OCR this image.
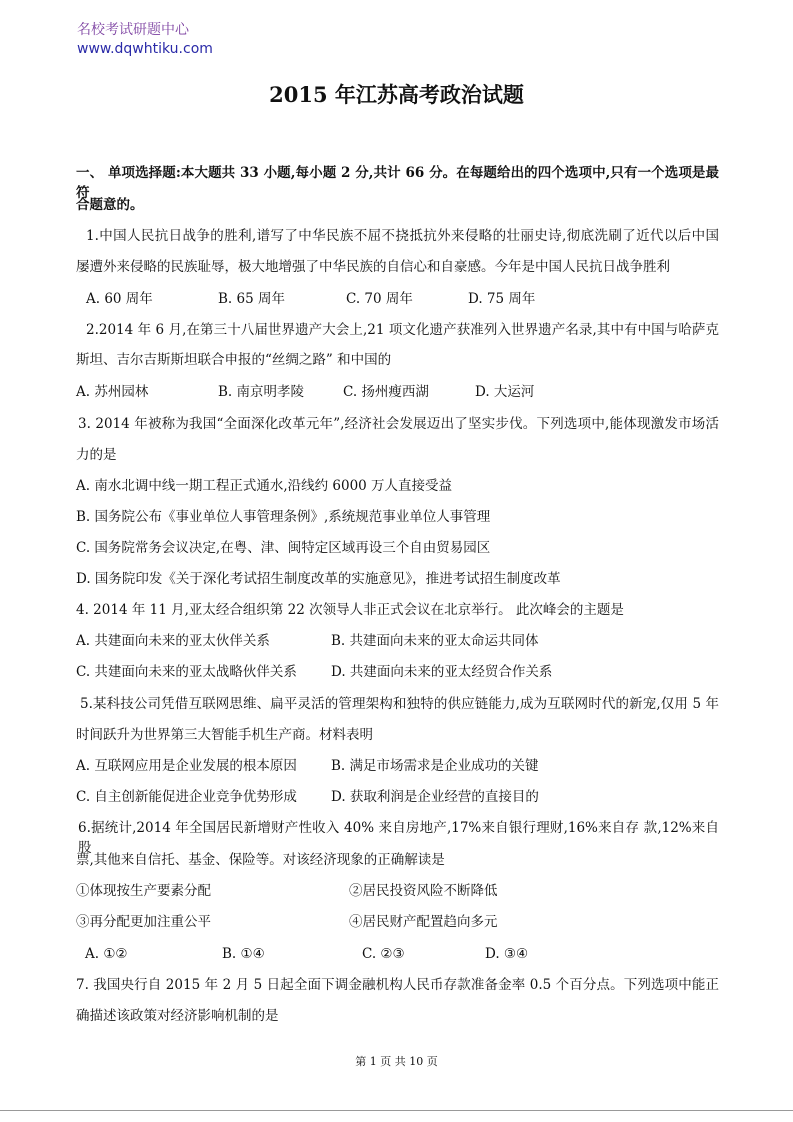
名校考试研题中心
www.dqwhtiku.com
2015 年江苏高考政治试题
一、 单项选择题:本大题共 33 小题,每小题 2 分,共计 66 分。在每题给出的四个选项中,只有一个选项是最符
合题意的。
1.中国人民抗日战争的胜利,谱写了中华民族不屈不挠抵抗外来侵略的壮丽史诗,彻底洗刷了近代以后中国
屡遭外来侵略的民族耻辱，极大地增强了中华民族的自信心和自豪感。今年是中国人民抗日战争胜利
A. 60 周年	B. 65 周年	C. 70 周年	D. 75 周年
2.2014 年 6 月,在第三十八届世界遗产大会上,21 项文化遗产获准列入世界遗产名录,其中有中国与哈萨克
斯坦、吉尔吉斯斯坦联合申报的“丝绸之路” 和中国的
A. 苏州园林	B. 南京明孝陵	C. 扬州瘦西湖	D. 大运河
3. 2014 年被称为我国“全面深化改革元年”,经济社会发展迈出了坚实步伐。下列选项中,能体现激发市场活
力的是
A. 南水北调中线一期工程正式通水,沿线约 6000 万人直接受益
B. 国务院公布《事业单位人事管理条例》,系统规范事业单位人事管理
C. 国务院常务会议决定,在粤、津、闽特定区域再设三个自由贸易园区
D. 国务院印发《关于深化考试招生制度改革的实施意见》，推进考试招生制度改革
4. 2014 年 11 月,亚太经合组织第 22 次领导人非正式会议在北京举行。 此次峰会的主题是
A. 共建面向未来的亚太伙伴关系	B. 共建面向未来的亚太命运共同体
C. 共建面向未来的亚太战略伙伴关系	D. 共建面向未来的亚太经贸合作关系
5.某科技公司凭借互联网思维、扁平灵活的管理架构和独特的供应链能力,成为互联网时代的新宠,仅用 5 年
时间跃升为世界第三大智能手机生产商。材料表明
A. 互联网应用是企业发展的根本原因	B. 满足市场需求是企业成功的关键
C. 自主创新能促进企业竞争优势形成	D. 获取利润是企业经营的直接目的
6.据统计,2014 年全国居民新增财产性收入 40% 来自房地产,17%来自银行理财,16%来自存 款,12%来自股
票,其他来自信托、基金、保险等。对该经济现象的正确解读是
①体现按生产要素分配	②居民投资风险不断降低
③再分配更加注重公平	④居民财产配置趋向多元
A. ①②	B. ①④	C. ②③	D. ③④
7. 我国央行自 2015 年 2 月 5 日起全面下调金融机构人民币存款准备金率 0.5 个百分点。下列选项中能正
确描述该政策对经济影响机制的是
第 1 页 共 10 页
